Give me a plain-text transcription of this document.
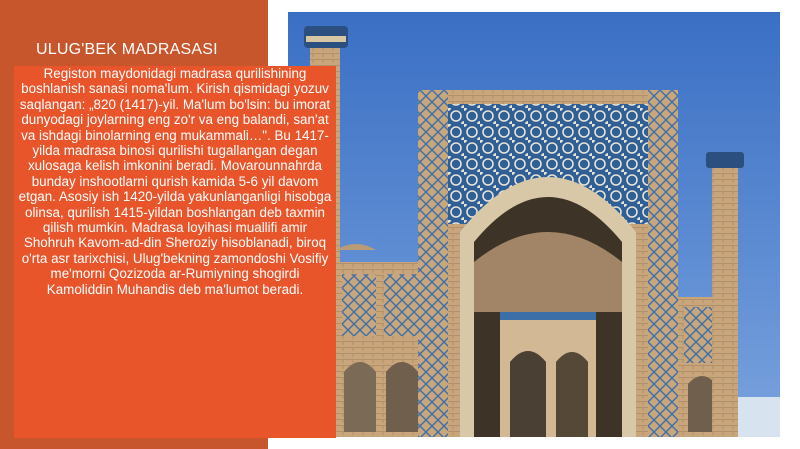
ULUG'BEK MADRASASI

Registon maydonidagi madrasa qurilishining boshlanish sanasi noma'lum. Kirish qismidagi yozuv saqlangan: „820 (1417)-yil. Ma'lum bo'lsin: bu imorat dunyodagi joylarning eng zo'r va eng balandi, san'at va ishdagi binolarning eng mukammali…". Bu 1417-yilda madrasa binosi qurilishi tugallangan degan xulosaga kelish imkonini beradi. Movarounnahrda bunday inshootlarni qurish kamida 5-6 yil davom etgan. Asosiy ish 1420-yilda yakunlanganligi hisobga olinsa, qurilish 1415-yildan boshlangan deb taxmin qilish mumkin. Madrasa loyihasi muallifi amir Shohruh Kavom-ad-din Sheroziy hisoblanadi, biroq o'rta asr tarixchisi, Ulug'bekning zamondoshi Vosifiy me'morni Qozizoda ar-Rumiyning shogirdi Kamoliddin Muhandis deb ma'lumot beradi.
